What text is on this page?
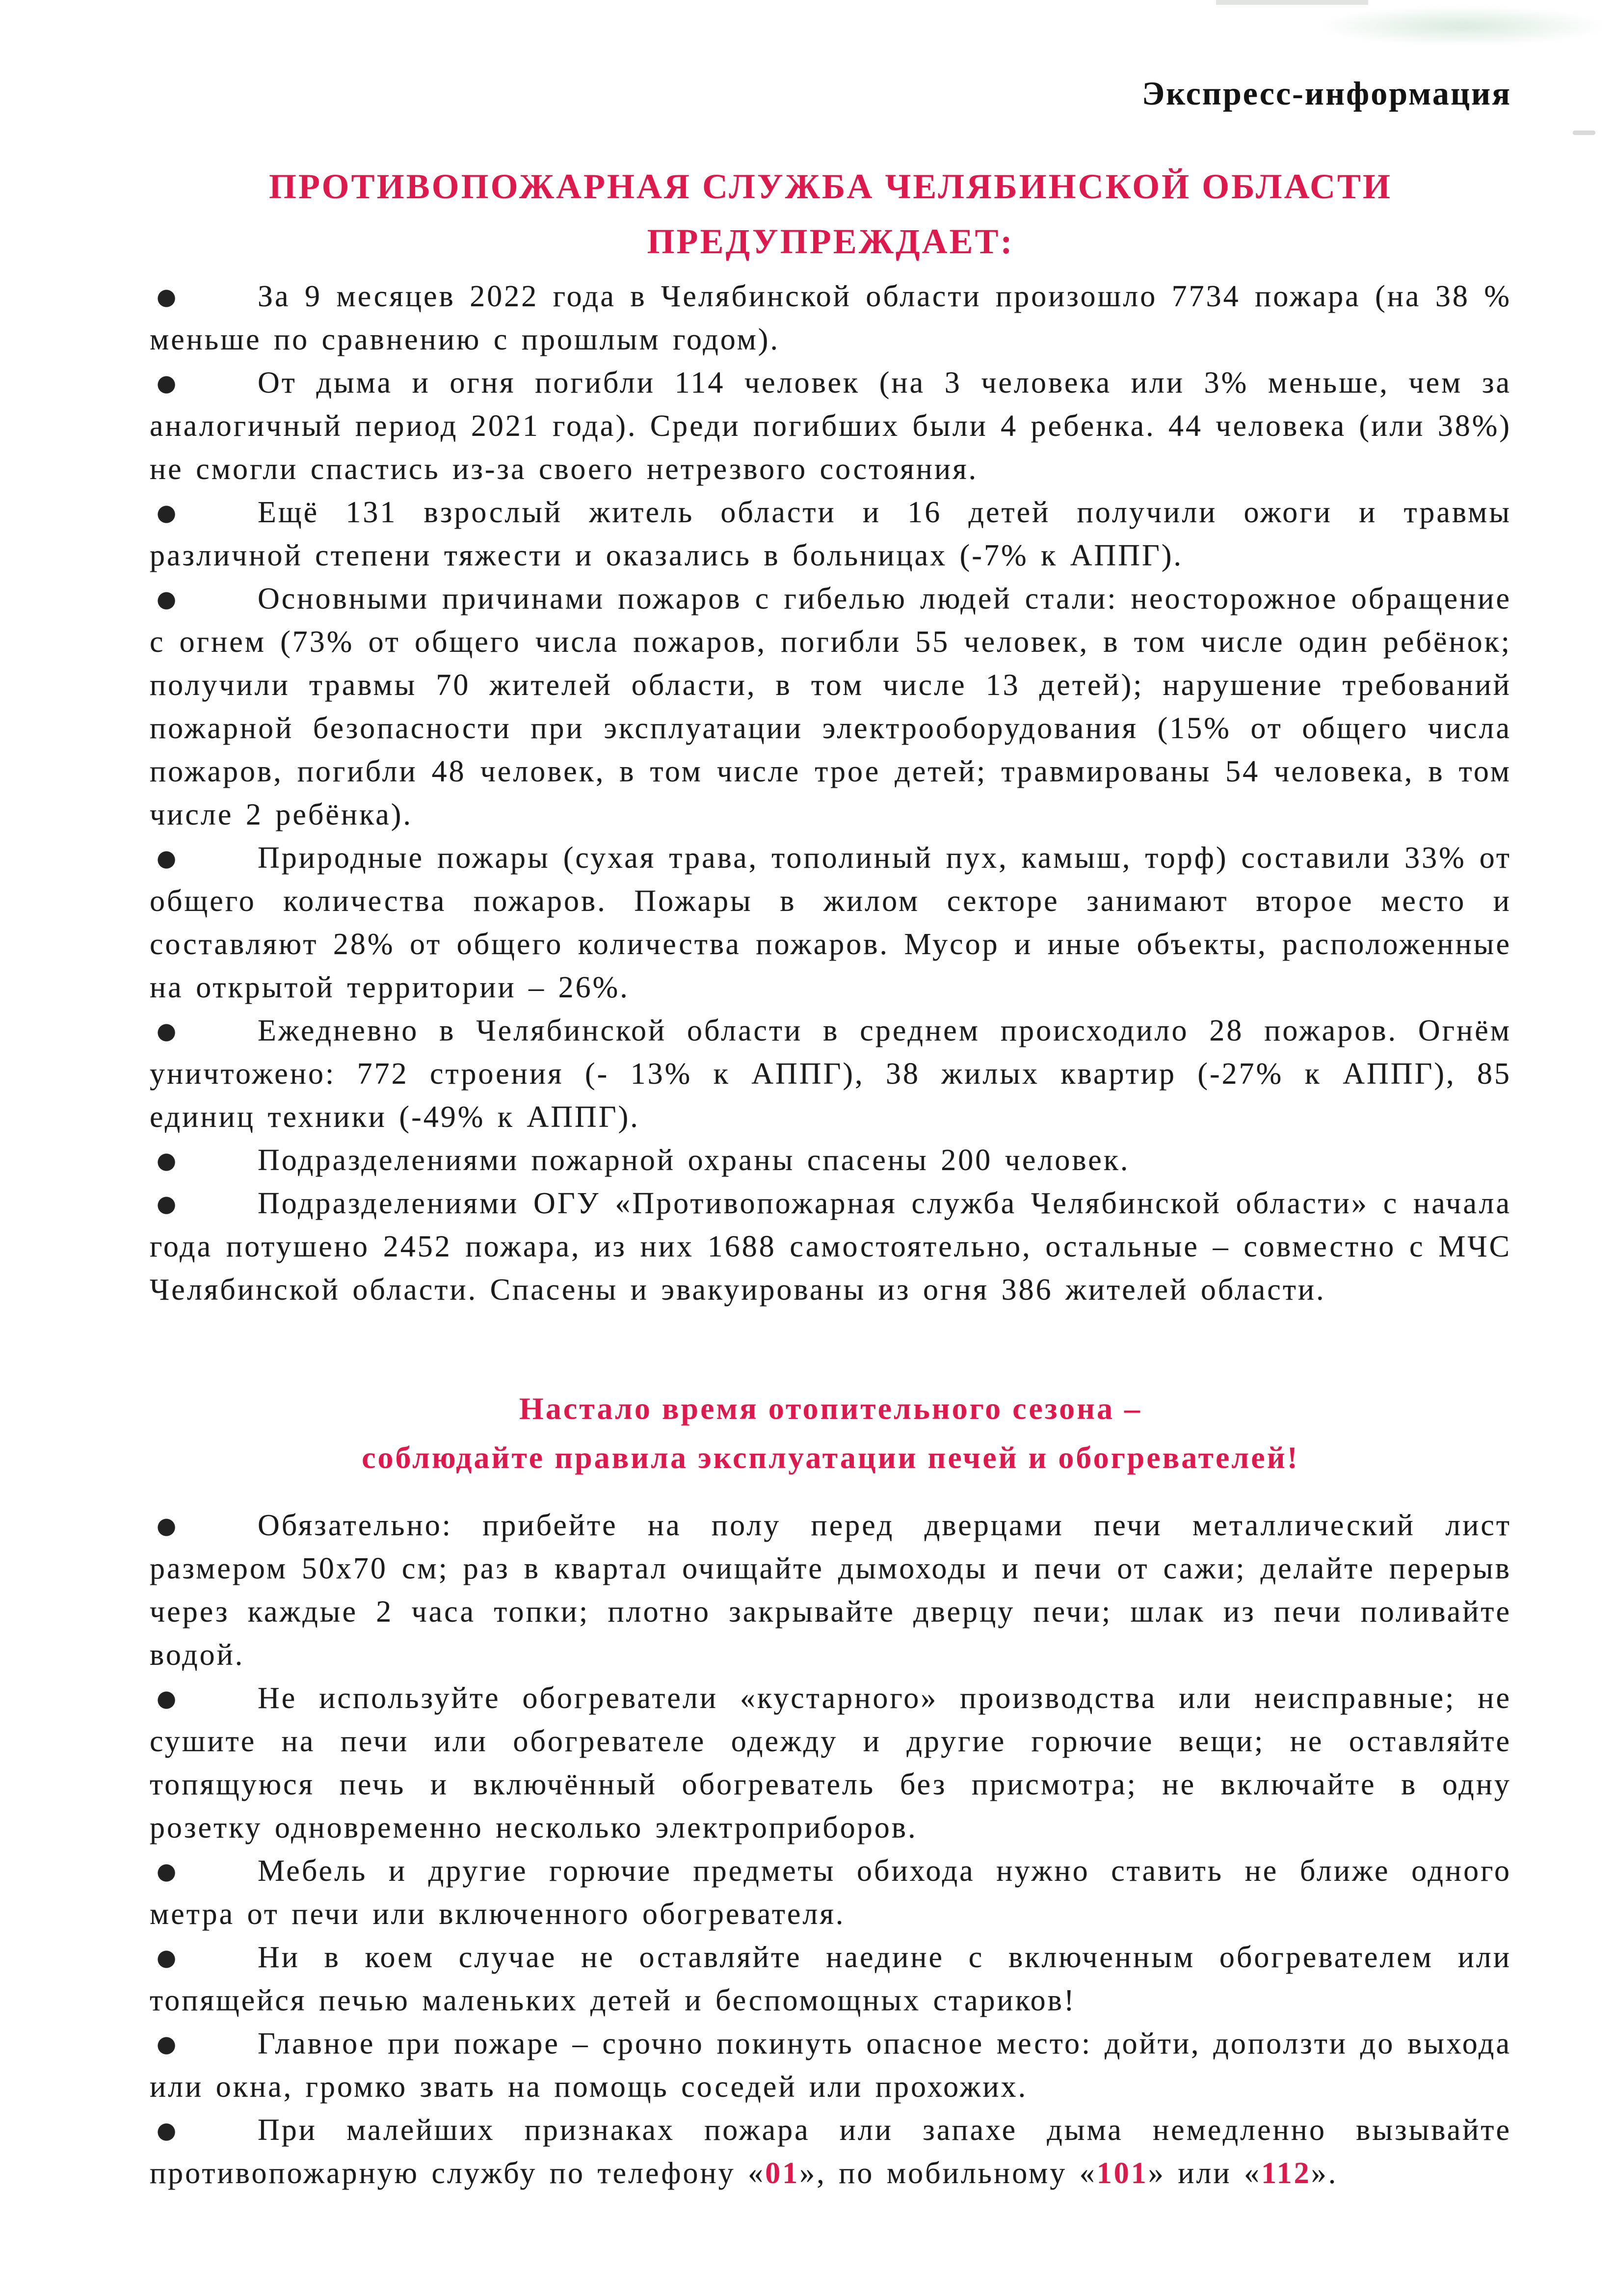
Экспресс-информация
ПРОТИВОПОЖАРНАЯ СЛУЖБА ЧЕЛЯБИНСКОЙ ОБЛАСТИ
ПРЕДУПРЕЖДАЕТ:
●	За 9 месяцев 2022 года в Челябинской области произошло 7734 пожара (на 38 % меньше по сравнению с прошлым годом).
●	От дыма и огня погибли 114 человек (на 3 человека или 3% меньше, чем за аналогичный период 2021 года). Среди погибших были 4 ребенка. 44 человека (или 38%) не смогли спастись из-за своего нетрезвого состояния.
●	Ещё 131 взрослый житель области и 16 детей получили ожоги и травмы различной степени тяжести и оказались в больницах (-7% к АППГ).
●	Основными причинами пожаров с гибелью людей стали: неосторожное обращение с огнем (73% от общего числа пожаров, погибли 55 человек, в том числе один ребёнок; получили травмы 70 жителей области, в том числе 13 детей); нарушение требований пожарной безопасности при эксплуатации электрооборудования (15% от общего числа пожаров, погибли 48 человек, в том числе трое детей; травмированы 54 человека, в том числе 2 ребёнка).
●	Природные пожары (сухая трава, тополиный пух, камыш, торф) составили 33% от общего количества пожаров. Пожары в жилом секторе занимают второе место и составляют 28% от общего количества пожаров. Мусор и иные объекты, расположенные на открытой территории – 26%.
●	Ежедневно в Челябинской области в среднем происходило 28 пожаров. Огнём уничтожено: 772 строения (- 13% к АППГ), 38 жилых квартир (-27% к АППГ), 85 единиц техники (-49% к АППГ).
●	Подразделениями пожарной охраны спасены 200 человек.
●	Подразделениями ОГУ «Противопожарная служба Челябинской области» с начала года потушено 2452 пожара, из них 1688 самостоятельно, остальные – совместно с МЧС Челябинской области. Спасены и эвакуированы из огня 386 жителей области.
Настало время отопительного сезона –
соблюдайте правила эксплуатации печей и обогревателей!
●	Обязательно: прибейте на полу перед дверцами печи металлический лист размером 50х70 см; раз в квартал очищайте дымоходы и печи от сажи; делайте перерыв через каждые 2 часа топки; плотно закрывайте дверцу печи; шлак из печи поливайте водой.
●	Не используйте обогреватели «кустарного» производства или неисправные; не сушите на печи или обогревателе одежду и другие горючие вещи; не оставляйте топящуюся печь и включённый обогреватель без присмотра; не включайте в одну розетку одновременно несколько электроприборов.
●	Мебель и другие горючие предметы обихода нужно ставить не ближе одного метра от печи или включенного обогревателя.
●	Ни в коем случае не оставляйте наедине с включенным обогревателем или топящейся печью маленьких детей и беспомощных стариков!
●	Главное при пожаре – срочно покинуть опасное место: дойти, доползти до выхода или окна, громко звать на помощь соседей или прохожих.
●	При малейших признаках пожара или запахе дыма немедленно вызывайте противопожарную службу по телефону «01», по мобильному «101» или «112».
